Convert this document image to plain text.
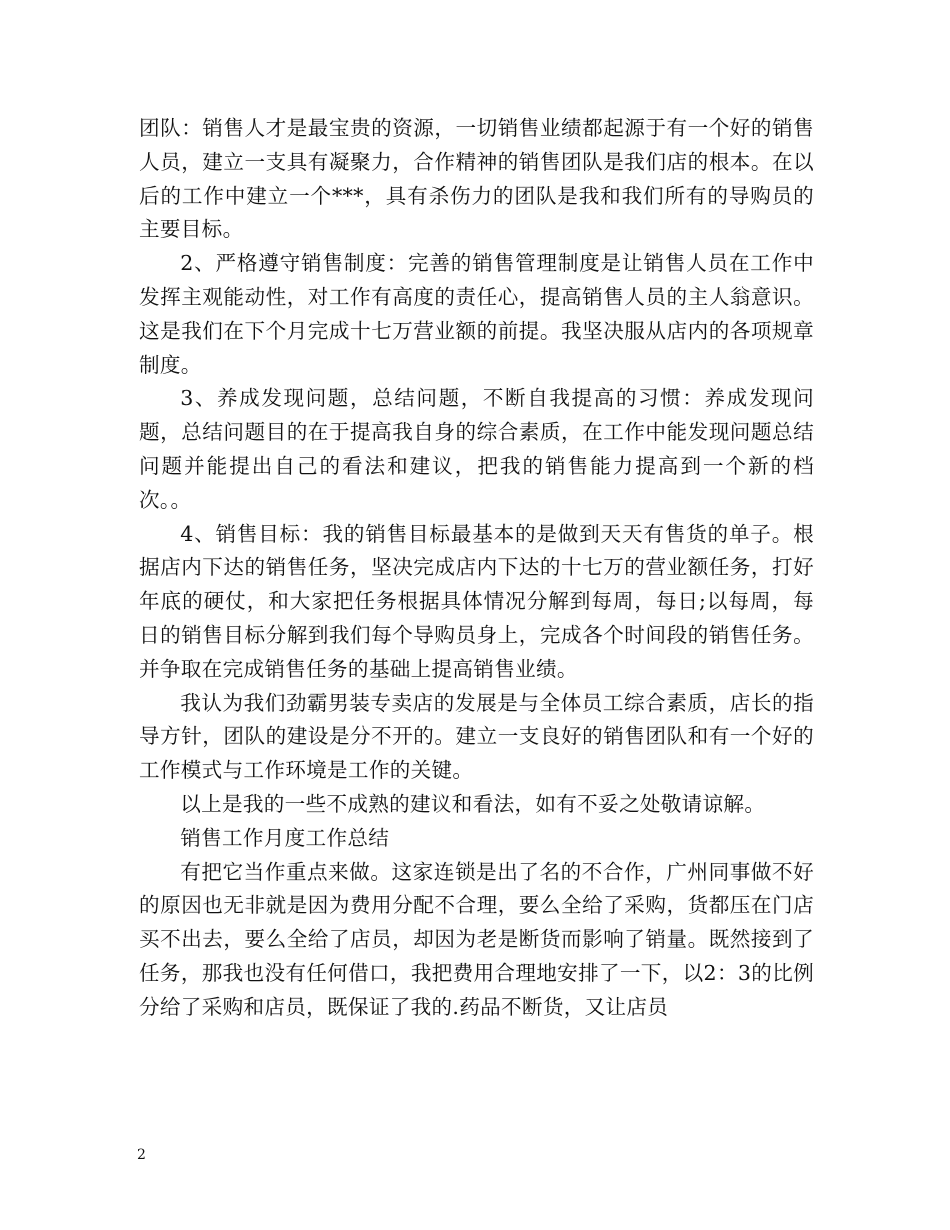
团队：销售人才是最宝贵的资源，一切销售业绩都起源于有一个好的销售人员，建立一支具有凝聚力，合作精神的销售团队是我们店的根本。在以后的工作中建立一个***，具有杀伤力的团队是我和我们所有的导购员的主要目标。

2、严格遵守销售制度：完善的销售管理制度是让销售人员在工作中发挥主观能动性，对工作有高度的责任心，提高销售人员的主人翁意识。这是我们在下个月完成十七万营业额的前提。我坚决服从店内的各项规章制度。

3、养成发现问题，总结问题，不断自我提高的习惯：养成发现问题，总结问题目的在于提高我自身的综合素质，在工作中能发现问题总结问题并能提出自己的看法和建议，把我的销售能力提高到一个新的档次。。

4、销售目标：我的销售目标最基本的是做到天天有售货的单子。根据店内下达的销售任务，坚决完成店内下达的十七万的营业额任务，打好年底的硬仗，和大家把任务根据具体情况分解到每周，每日;以每周，每日的销售目标分解到我们每个导购员身上，完成各个时间段的销售任务。并争取在完成销售任务的基础上提高销售业绩。

我认为我们劲霸男装专卖店的发展是与全体员工综合素质，店长的指导方针，团队的建设是分不开的。建立一支良好的销售团队和有一个好的工作模式与工作环境是工作的关键。

以上是我的一些不成熟的建议和看法，如有不妥之处敬请谅解。

销售工作月度工作总结

有把它当作重点来做。这家连锁是出了名的不合作，广州同事做不好的原因也无非就是因为费用分配不合理，要么全给了采购，货都压在门店买不出去，要么全给了店员，却因为老是断货而影响了销量。既然接到了任务，那我也没有任何借口，我把费用合理地安排了一下，以2：3的比例分给了采购和店员，既保证了我的.药品不断货，又让店员

2
